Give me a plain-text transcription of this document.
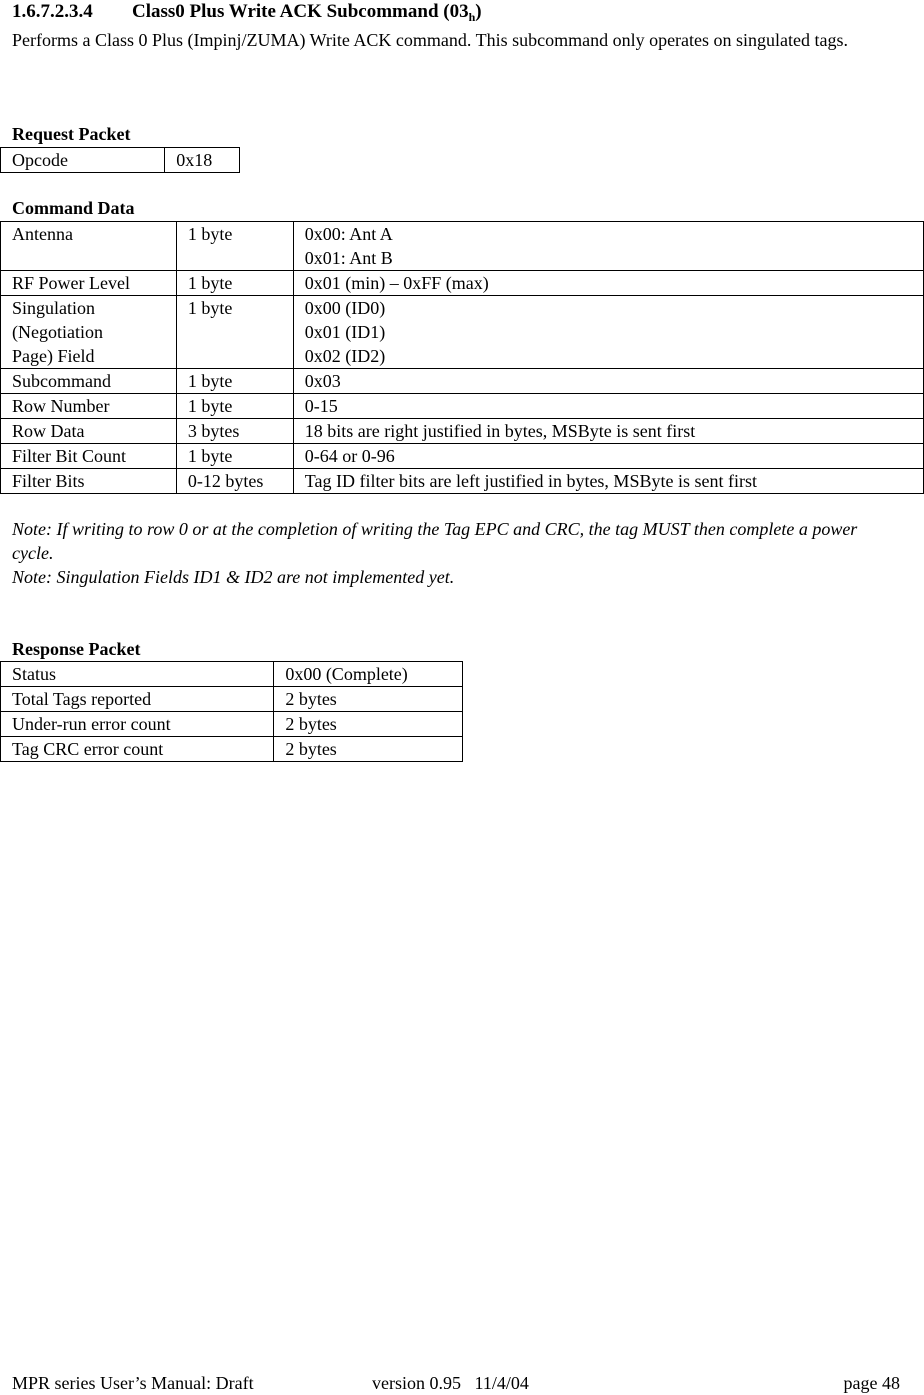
1.6.7.2.3.4 Class0 Plus Write ACK Subcommand $(03_h)$
Performs a Class 0 Plus (Impinj/ZUMA) Write ACK command. This subcommand only operates on singulated tags.
Request Packet
Opcode	0x18
Command Data
Antenna	1 byte	0x00: Ant A
0x01: Ant B

RF Power Level	1 byte	0x01 (min) – 0xFF (max)

Singulation
(Negotiation
Page) Field	1 byte	0x00 (ID0)
0x01 (ID1)
0x02 (ID2)

Subcommand	1 byte	0x03

Row Number	1 byte	0-15

Row Data	3 bytes	18 bits are right justified in bytes, MSByte is sent first

Filter Bit Count	1 byte	0-64 or 0-96

Filter Bits	0-12 bytes	Tag ID filter bits are left justified in bytes, MSByte is sent first
Note: If writing to row 0 or at the completion of writing the Tag EPC and CRC, the tag MUST then complete a power cycle.
Note: Singulation Fields ID1 & ID2 are not implemented yet.
Response Packet
Status	0x00 (Complete)
Total Tags reported	2 bytes
Under-run error count	2 bytes
Tag CRC error count	2 bytes
MPR series User’s Manual: Draft	version 0.95   11/4/04	page 48
